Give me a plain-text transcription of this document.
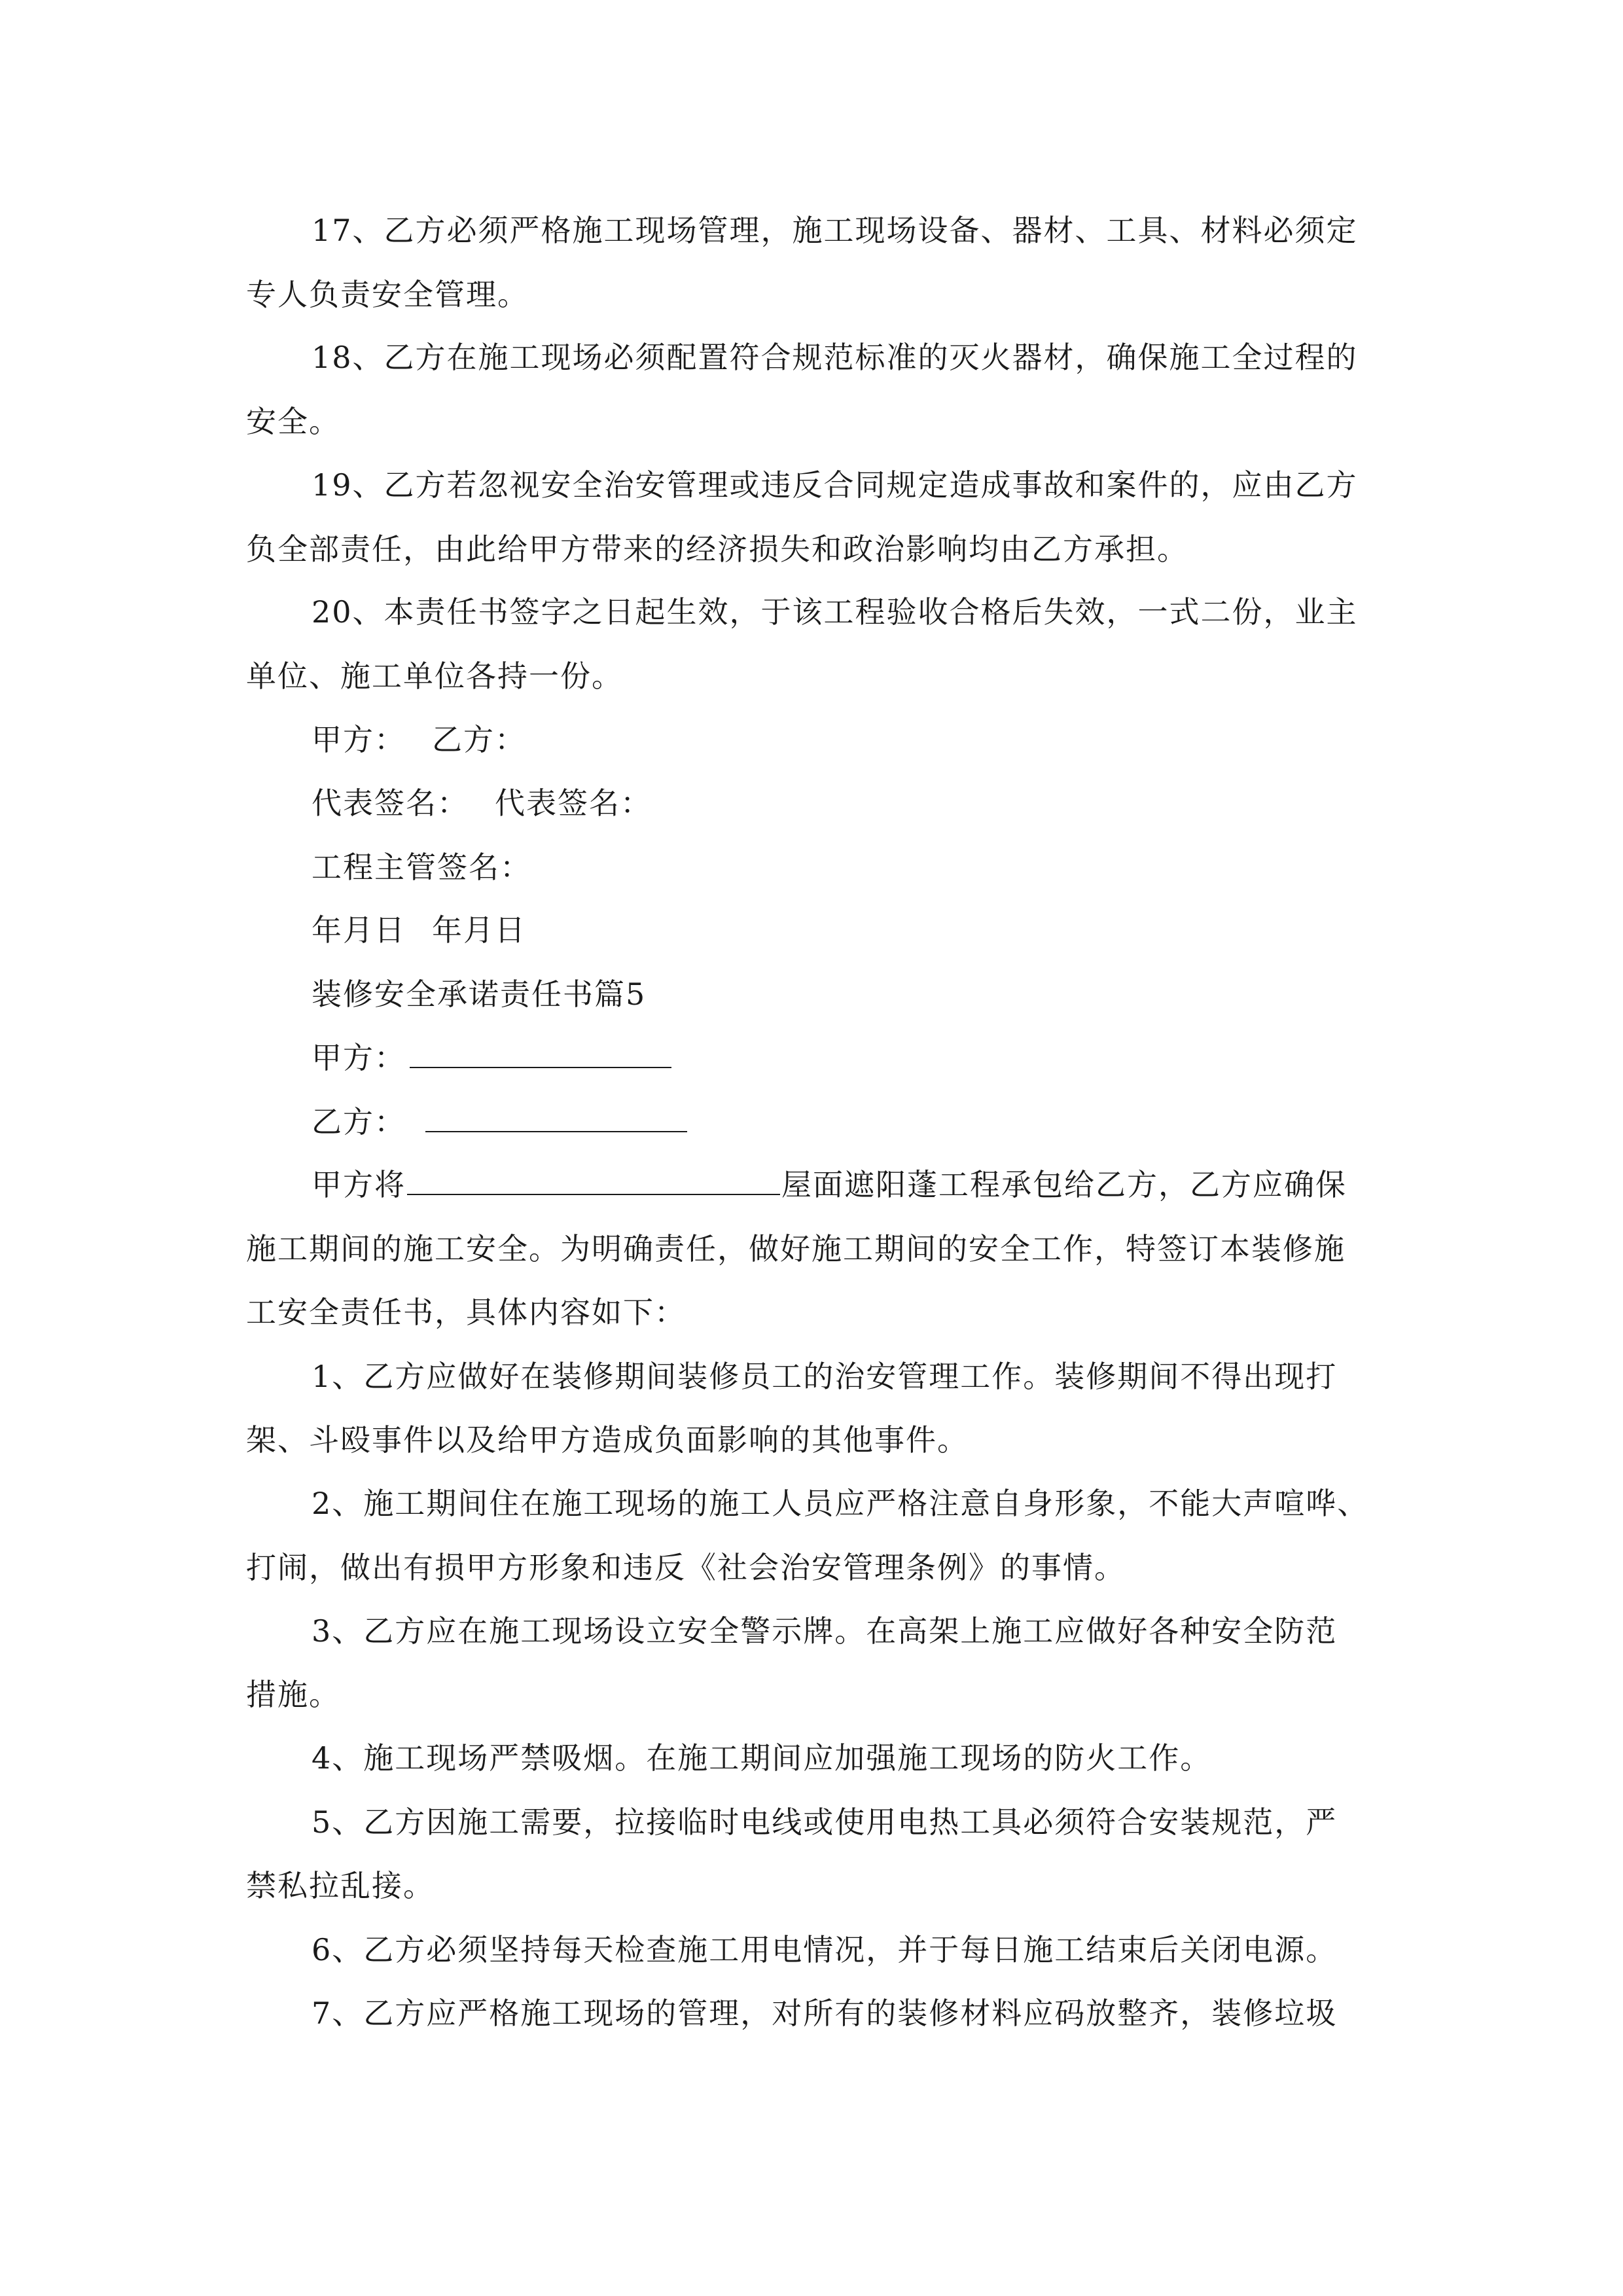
17、乙方必须严格施工现场管理，施工现场设备、器材、工具、材料必须定
专人负责安全管理。
18、乙方在施工现场必须配置符合规范标准的灭火器材，确保施工全过程的
安全。
19、乙方若忽视安全治安管理或违反合同规定造成事故和案件的，应由乙方
负全部责任，由此给甲方带来的经济损失和政治影响均由乙方承担。
20、本责任书签字之日起生效，于该工程验收合格后失效，一式二份，业主
单位、施工单位各持一份。
甲方： 乙方：
代表签名： 代表签名：
工程主管签名：
年月日 年月日
装修安全承诺责任书篇5
甲方：
乙方：
甲方将	屋面遮阳蓬工程承包给乙方，乙方应确保
施工期间的施工安全。为明确责任，做好施工期间的安全工作，特签订本装修施
工安全责任书，具体内容如下：
1、乙方应做好在装修期间装修员工的治安管理工作。装修期间不得出现打
架、斗殴事件以及给甲方造成负面影响的其他事件。
2、施工期间住在施工现场的施工人员应严格注意自身形象，不能大声喧哗、
打闹，做出有损甲方形象和违反《社会治安管理条例》的事情。
3、乙方应在施工现场设立安全警示牌。在高架上施工应做好各种安全防范
措施。
4、施工现场严禁吸烟。在施工期间应加强施工现场的防火工作。
5、乙方因施工需要，拉接临时电线或使用电热工具必须符合安装规范，严
禁私拉乱接。
6、乙方必须坚持每天检查施工用电情况，并于每日施工结束后关闭电源。
7、乙方应严格施工现场的管理，对所有的装修材料应码放整齐，装修垃圾
